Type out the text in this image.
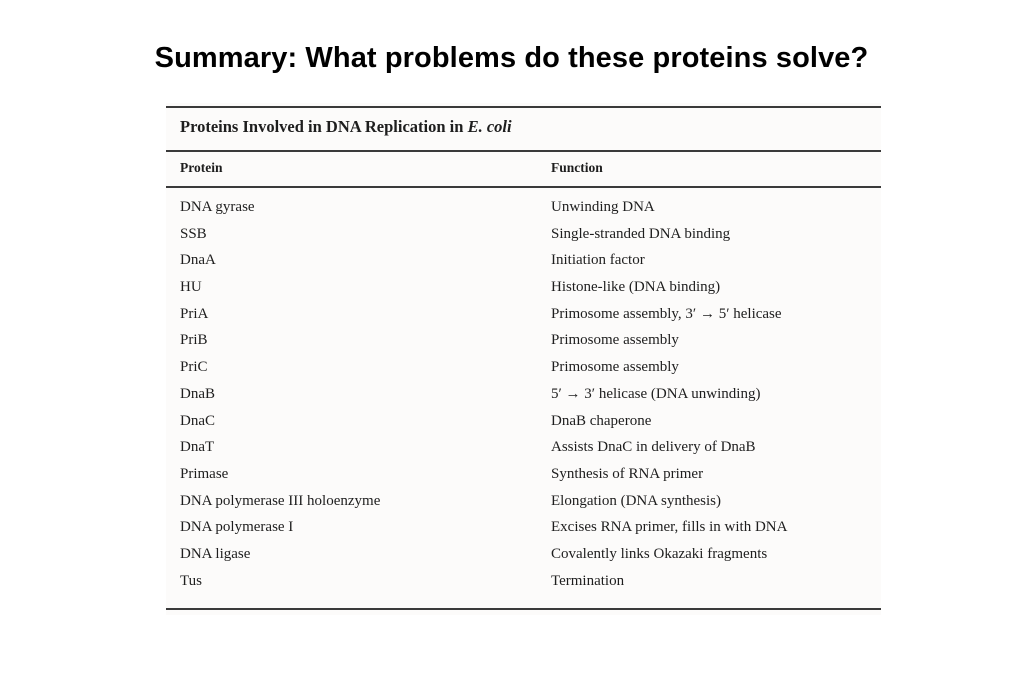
Summary: What problems do these proteins solve?
Proteins Involved in DNA Replication in E. coli
Protein	Function
DNA gyrase	Unwinding DNA
SSB	Single-stranded DNA binding
DnaA	Initiation factor
HU	Histone-like (DNA binding)
PriA	Primosome assembly, 3′ → 5′ helicase
PriB	Primosome assembly
PriC	Primosome assembly
DnaB	5′ → 3′ helicase (DNA unwinding)
DnaC	DnaB chaperone
DnaT	Assists DnaC in delivery of DnaB
Primase	Synthesis of RNA primer
DNA polymerase III holoenzyme	Elongation (DNA synthesis)
DNA polymerase I	Excises RNA primer, fills in with DNA
DNA ligase	Covalently links Okazaki fragments
Tus	Termination
